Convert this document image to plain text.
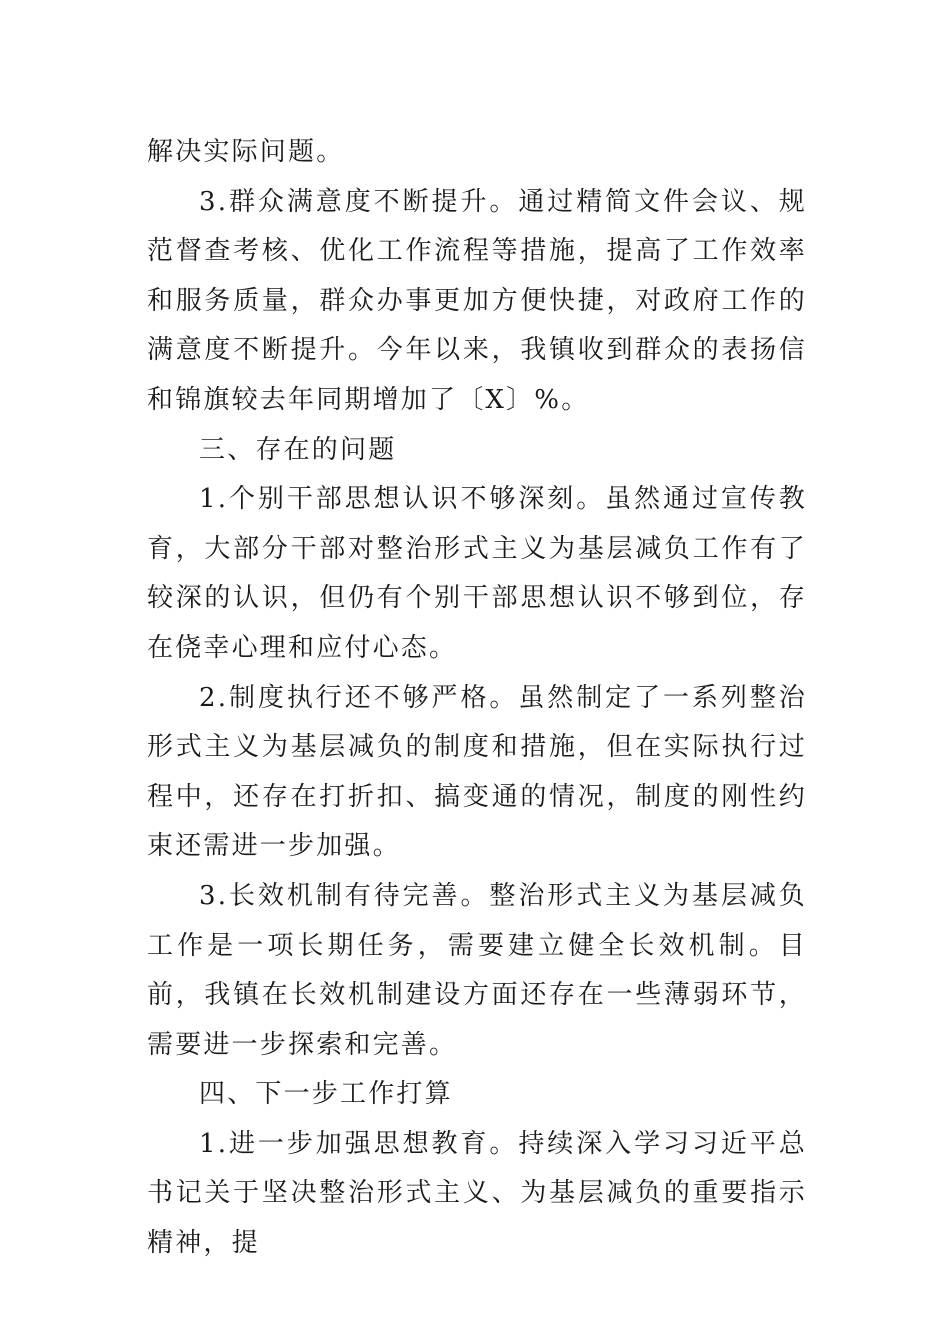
解决实际问题。

3.群众满意度不断提升。通过精简文件会议、规范督查考核、优化工作流程等措施，提高了工作效率和服务质量，群众办事更加方便快捷，对政府工作的满意度不断提升。今年以来，我镇收到群众的表扬信和锦旗较去年同期增加了〔X〕%。

三、存在的问题

1.个别干部思想认识不够深刻。虽然通过宣传教育，大部分干部对整治形式主义为基层减负工作有了较深的认识，但仍有个别干部思想认识不够到位，存在侥幸心理和应付心态。

2.制度执行还不够严格。虽然制定了一系列整治形式主义为基层减负的制度和措施，但在实际执行过程中，还存在打折扣、搞变通的情况，制度的刚性约束还需进一步加强。

3.长效机制有待完善。整治形式主义为基层减负工作是一项长期任务，需要建立健全长效机制。目前，我镇在长效机制建设方面还存在一些薄弱环节，需要进一步探索和完善。

四、下一步工作打算

1.进一步加强思想教育。持续深入学习习近平总书记关于坚决整治形式主义、为基层减负的重要指示精神，提
